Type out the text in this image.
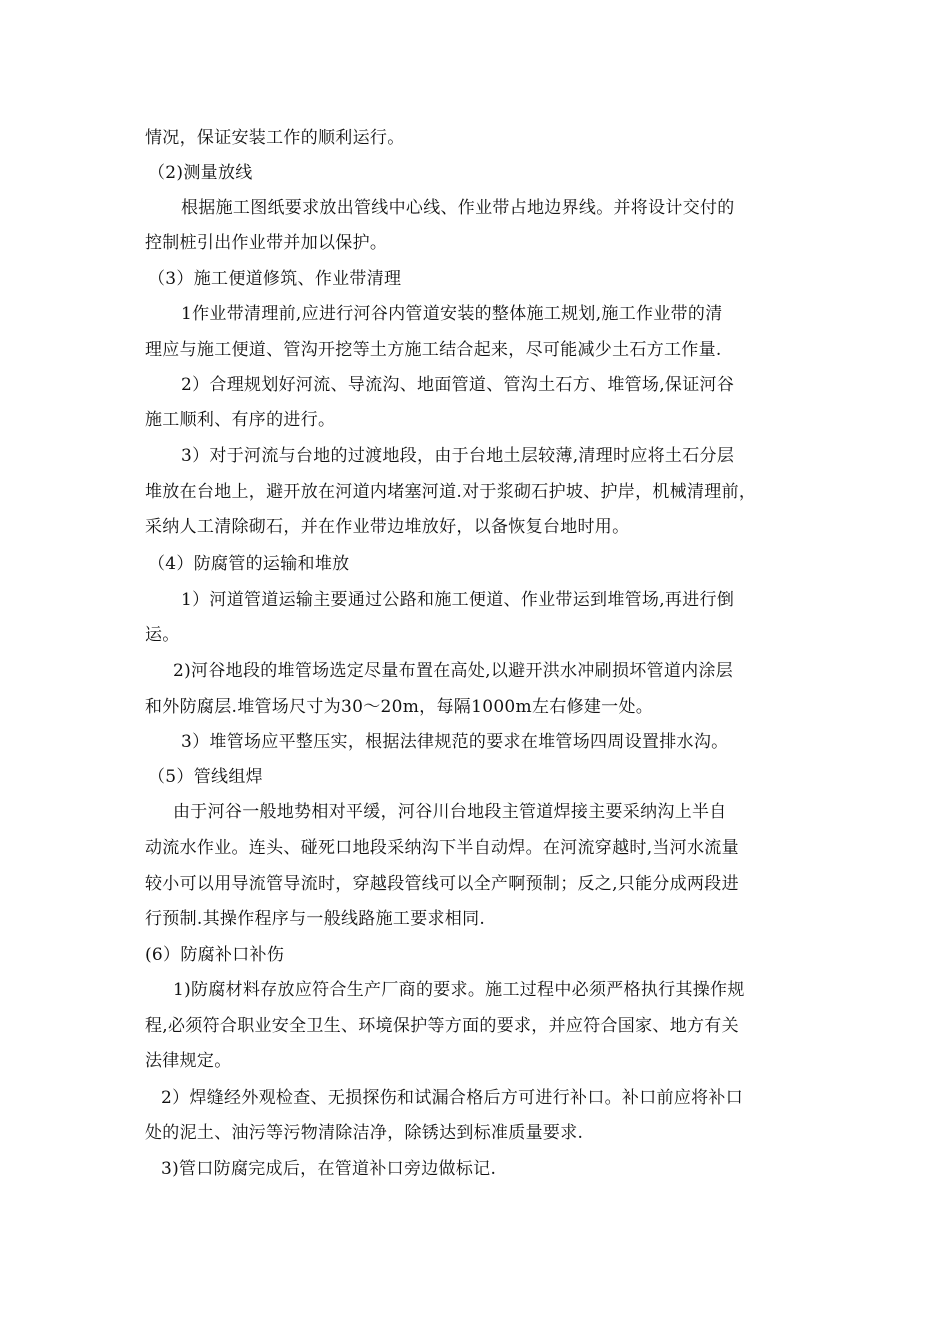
情况，保证安装工作的顺利运行。
（2)测量放线
根据施工图纸要求放出管线中心线、作业带占地边界线。并将设计交付的
控制桩引出作业带并加以保护。
（3）施工便道修筑、作业带清理
1作业带清理前,应进行河谷内管道安装的整体施工规划,施工作业带的清
理应与施工便道、管沟开挖等土方施工结合起来，尽可能减少土石方工作量.
2）合理规划好河流、导流沟、地面管道、管沟土石方、堆管场,保证河谷
施工顺利、有序的进行。
3）对于河流与台地的过渡地段，由于台地土层较薄,清理时应将土石分层
堆放在台地上，避开放在河道内堵塞河道.对于浆砌石护坡、护岸，机械清理前，
采纳人工清除砌石，并在作业带边堆放好，以备恢复台地时用。
（4）防腐管的运输和堆放
1）河道管道运输主要通过公路和施工便道、作业带运到堆管场,再进行倒
运。
2)河谷地段的堆管场选定尽量布置在高处,以避开洪水冲刷损坏管道内涂层
和外防腐层.堆管场尺寸为30～20m，每隔1000m左右修建一处。
3）堆管场应平整压实，根据法律规范的要求在堆管场四周设置排水沟。
（5）管线组焊
由于河谷一般地势相对平缓，河谷川台地段主管道焊接主要采纳沟上半自
动流水作业。连头、碰死口地段采纳沟下半自动焊。在河流穿越时,当河水流量
较小可以用导流管导流时，穿越段管线可以全产啊预制；反之,只能分成两段进
行预制.其操作程序与一般线路施工要求相同.
(6）防腐补口补伤
1)防腐材料存放应符合生产厂商的要求。施工过程中必须严格执行其操作规
程,必须符合职业安全卫生、环境保护等方面的要求，并应符合国家、地方有关
法律规定。
2）焊缝经外观检查、无损探伤和试漏合格后方可进行补口。补口前应将补口
处的泥土、油污等污物清除洁净，除锈达到标准质量要求.
3)管口防腐完成后，在管道补口旁边做标记.
